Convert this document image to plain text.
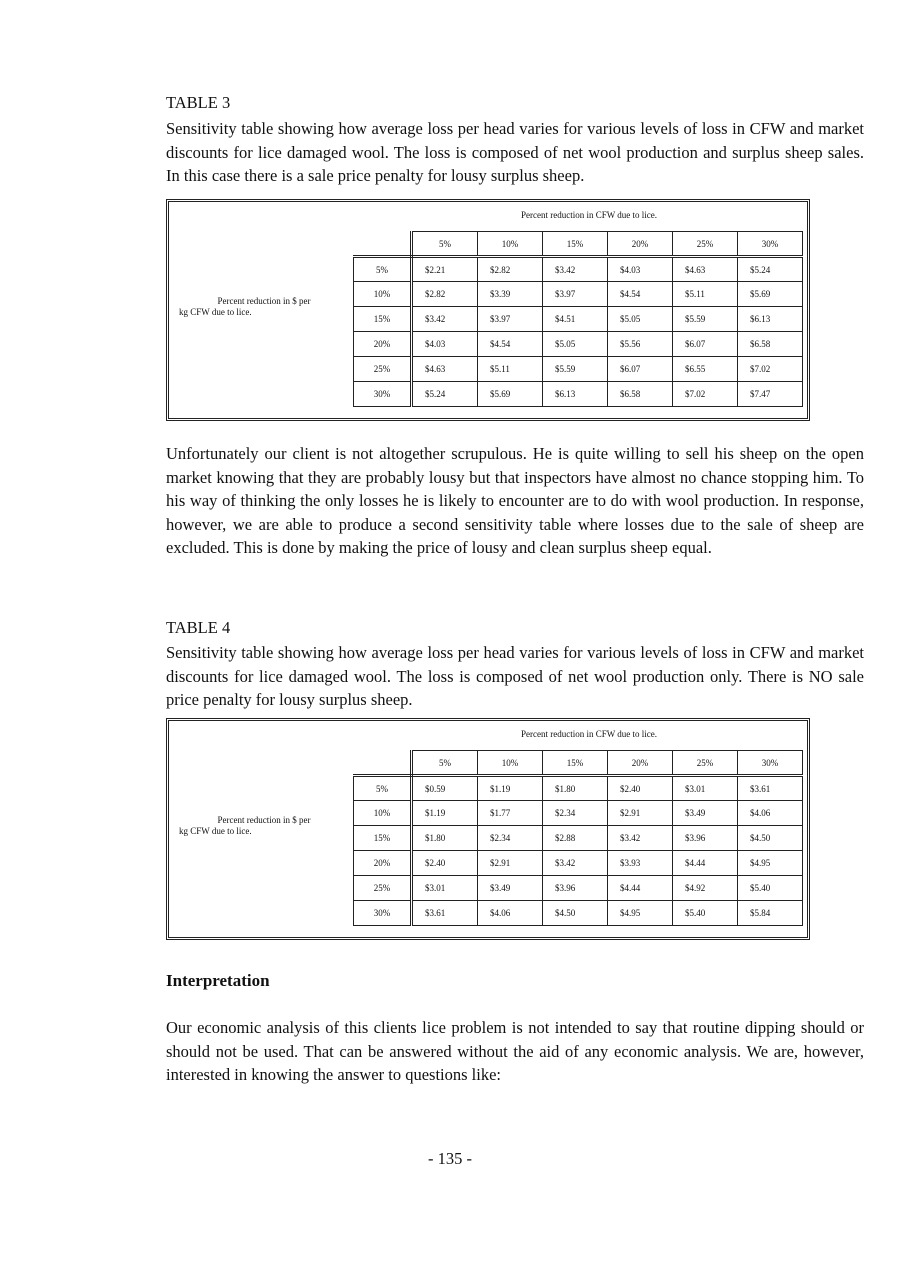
TABLE 3

Sensitivity table showing how average loss per head varies for various levels of loss in CFW and market discounts for lice damaged wool. The loss is composed of net wool production and surplus sheep sales. In this case there is a sale price penalty for lousy surplus sheep.

Percent reduction in CFW due to lice.
Percent reduction in $ per
kg CFW due to lice.
	5%	10%	15%	20%	25%	30%
5%	$2.21	$2.82	$3.42	$4.03	$4.63	$5.24
10%	$2.82	$3.39	$3.97	$4.54	$5.11	$5.69
15%	$3.42	$3.97	$4.51	$5.05	$5.59	$6.13
20%	$4.03	$4.54	$5.05	$5.56	$6.07	$6.58
25%	$4.63	$5.11	$5.59	$6.07	$6.55	$7.02
30%	$5.24	$5.69	$6.13	$6.58	$7.02	$7.47

Unfortunately our client is not altogether scrupulous. He is quite willing to sell his sheep on the open market knowing that they are probably lousy but that inspectors have almost no chance stopping him. To his way of thinking the only losses he is likely to encounter are to do with wool production. In response, however, we are able to produce a second sensitivity table where losses due to the sale of sheep are excluded. This is done by making the price of lousy and clean surplus sheep equal.

TABLE 4

Sensitivity table showing how average loss per head varies for various levels of loss in CFW and market discounts for lice damaged wool. The loss is composed of net wool production only. There is NO sale price penalty for lousy surplus sheep.

Percent reduction in CFW due to lice.
Percent reduction in $ per
kg CFW due to lice.
	5%	10%	15%	20%	25%	30%
5%	$0.59	$1.19	$1.80	$2.40	$3.01	$3.61
10%	$1.19	$1.77	$2.34	$2.91	$3.49	$4.06
15%	$1.80	$2.34	$2.88	$3.42	$3.96	$4.50
20%	$2.40	$2.91	$3.42	$3.93	$4.44	$4.95
25%	$3.01	$3.49	$3.96	$4.44	$4.92	$5.40
30%	$3.61	$4.06	$4.50	$4.95	$5.40	$5.84
Interpretation

Our economic analysis of this clients lice problem is not intended to say that routine dipping should or should not be used. That can be answered without the aid of any economic analysis. We are, however, interested in knowing the answer to questions like:

- 135 -
